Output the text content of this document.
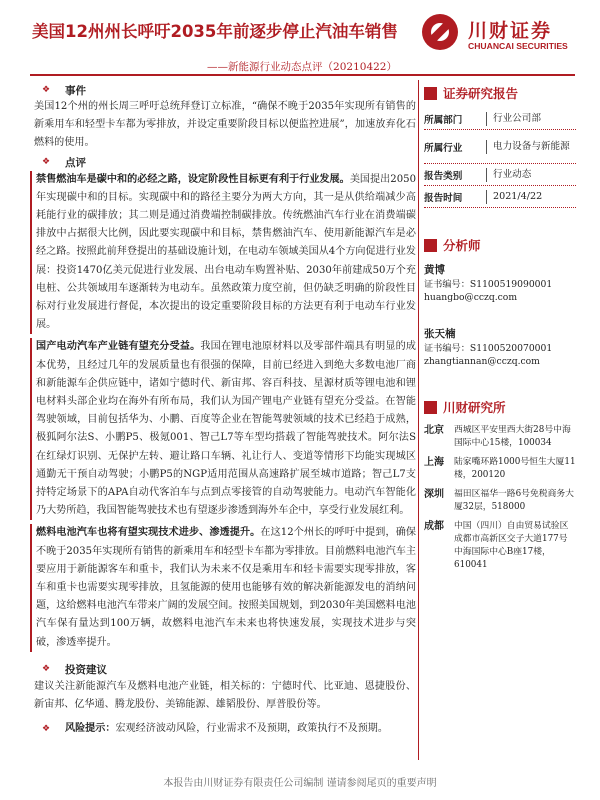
美国12州州长呼吁2035年前逐步停止汽油车销售
——新能源行业动态点评（20210422）
川财证券
CHUANCAI SECURITIES
❖ 事件

美国12个州的州长周三呼吁总统拜登订立标准，“确保不晚于2035年实现所有销售的新乘用车和轻型卡车都为零排放，并设定重要阶段目标以便监控进展”，加速放弃化石燃料的使用。

❖ 点评

禁售燃油车是碳中和的必经之路，设定阶段性目标更有利于行业发展。美国提出2050年实现碳中和的目标。实现碳中和的路径主要分为两大方向，其一是从供给端减少高耗能行业的碳排放；其二则是通过消费端控制碳排放。传统燃油汽车行业在消费端碳排放中占据很大比例，因此要实现碳中和目标，禁售燃油汽车、使用新能源汽车是必经之路。按照此前拜登提出的基础设施计划，在电动车领域美国从4个方向促进行业发展：投资1470亿美元促进行业发展、出台电动车购置补贴、2030年前建成50万个充电桩、公共领域用车逐渐转为电动车。虽然政策力度空前，但仍缺乏明确的阶段性目标对行业发展进行督促，本次提出的设定重要阶段目标的方法更有利于电动车行业发展。

国产电动汽车产业链有望充分受益。我国在锂电池原材料以及零部件端具有明显的成本优势，且经过几年的发展质量也有很强的保障，目前已经进入到绝大多数电池厂商和新能源车企供应链中，诸如宁德时代、新宙邦、容百科技、星源材质等锂电池和锂电材料头部企业均在海外有所布局，我们认为国产锂电产业链有望充分受益。在智能驾驶领域，目前包括华为、小鹏、百度等企业在智能驾驶领域的技术已经趋于成熟，极狐阿尔法S、小鹏P5、极氪001、智己L7等车型均搭载了智能驾驶技术。阿尔法S在红绿灯识别、无保护左转、避让路口车辆、礼让行人、变道等情形下均能实现城区通勤无干预自动驾驶；小鹏P5的NGP适用范围从高速路扩展至城市道路；智己L7支持特定场景下的APA自动代客泊车与点到点零接管的自动驾驶能力。电动汽车智能化乃大势所趋，我国智能驾驶技术也有望逐步渗透到海外车企中，享受行业发展红利。

燃料电池汽车也将有望实现技术进步、渗透提升。在这12个州长的呼吁中提到，确保不晚于2035年实现所有销售的新乘用车和轻型卡车都为零排放。目前燃料电池汽车主要应用于新能源客车和重卡，我们认为未来不仅是乘用车和轻卡需要实现零排放，客车和重卡也需要实现零排放，且氢能源的使用也能够有效的解决新能源发电的消纳问题，这给燃料电池汽车带来广阔的发展空间。按照美国规划，到2030年美国燃料电池汽车保有量达到100万辆，故燃料电池汽车未来也将快速发展，实现技术进步与突破，渗透率提升。

❖ 投资建议

建议关注新能源汽车及燃料电池产业链，相关标的：宁德时代、比亚迪、恩捷股份、新宙邦、亿华通、腾龙股份、美锦能源、雄韬股份、厚普股份等。

❖ 风险提示：宏观经济波动风险，行业需求不及预期，政策执行不及预期。
证券研究报告
所属部门	行业公司部
所属行业	电力设备与新能源
报告类别	行业动态
报告时间	2021/4/22
分析师
黄博
证书编号：S1100519090001
huangbo@cczq.com
张天楠
证书编号：S1100520070001
zhangtiannan@cczq.com
川财研究所
北京	西城区平安里西大街28号中海国际中心15楼，100034
上海	陆家嘴环路1000号恒生大厦11楼，200120
深圳	福田区福华一路6号免税商务大厦32层，518000
成都	中国（四川）自由贸易试验区成都市高新区交子大道177号中海国际中心B座17楼，610041
本报告由川财证券有限责任公司编制 谨请参阅尾页的重要声明
